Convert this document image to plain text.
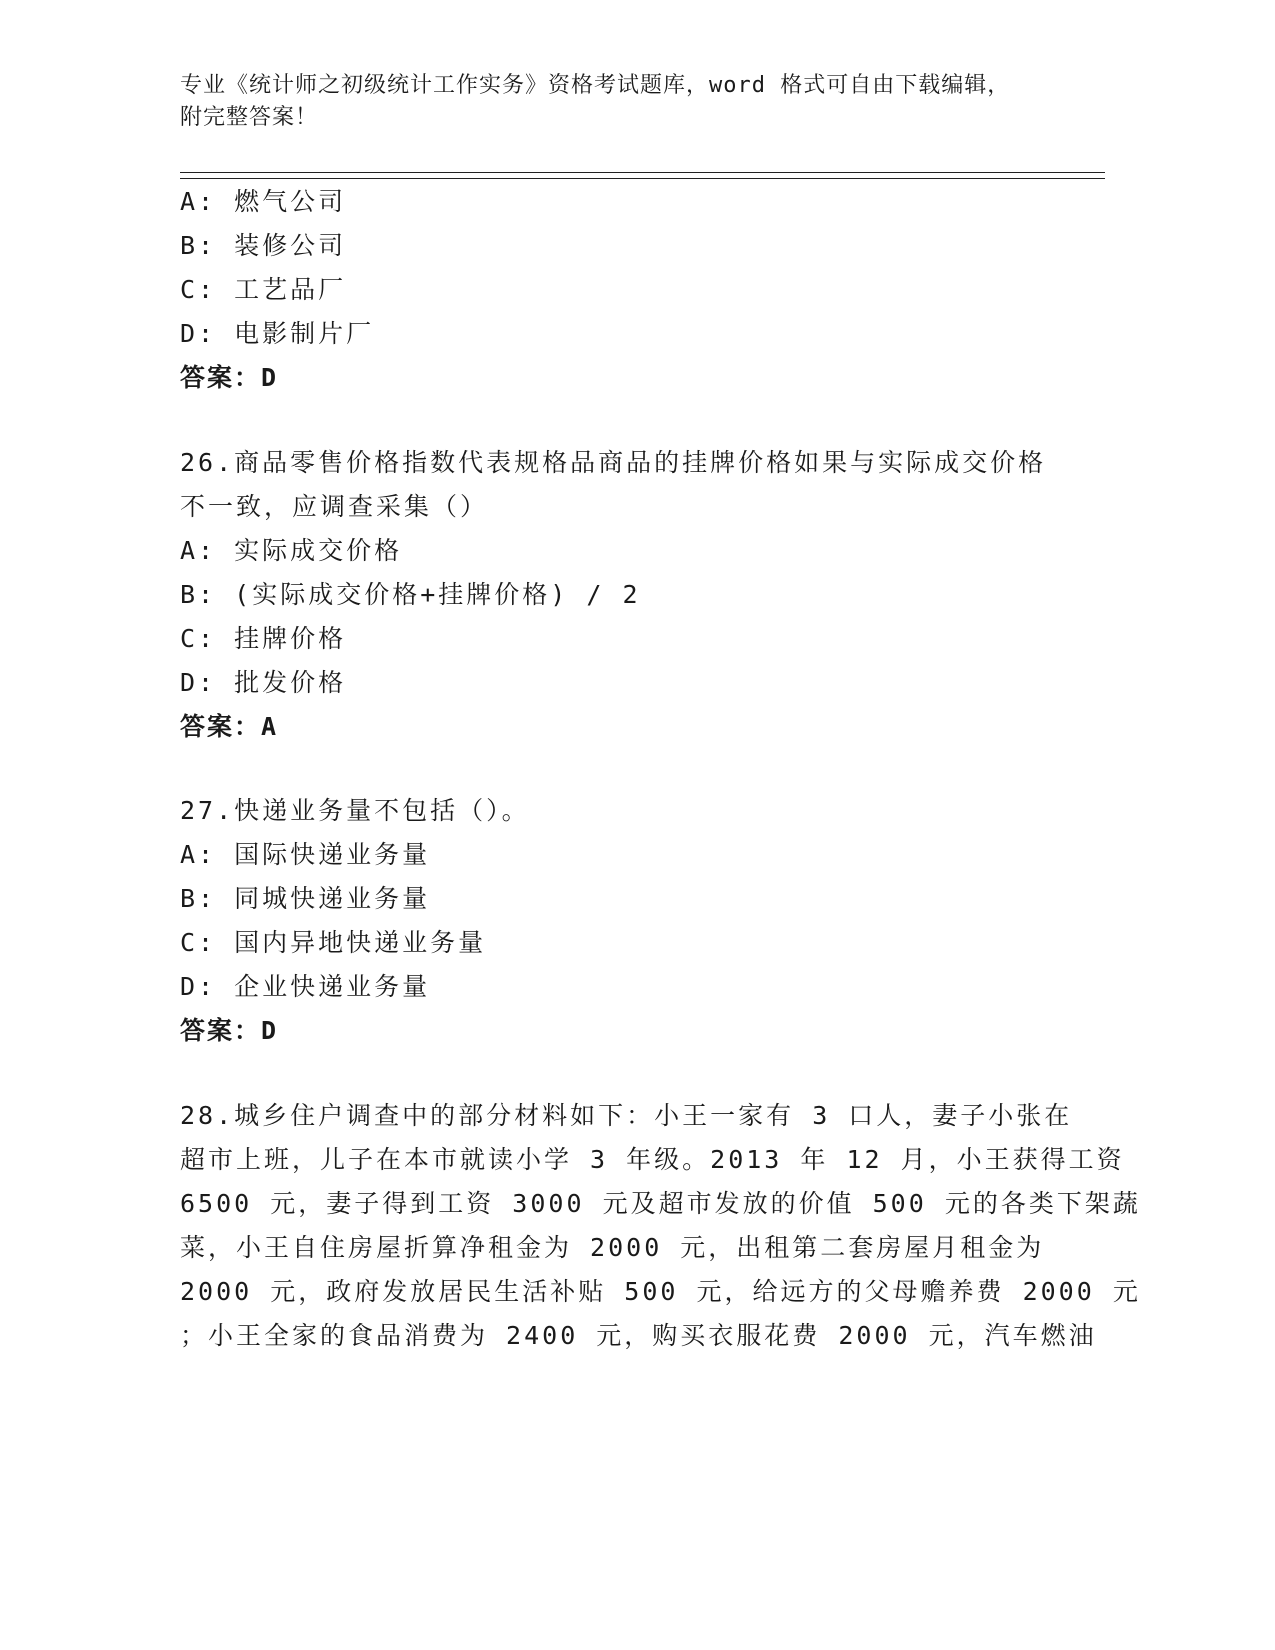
专业《统计师之初级统计工作实务》资格考试题库，word 格式可自由下载编辑，
附完整答案！
A: 燃气公司
B: 装修公司
C: 工艺品厂
D: 电影制片厂
答案：D
26.商品零售价格指数代表规格品商品的挂牌价格如果与实际成交价格
不一致，应调查采集（）
A: 实际成交价格
B: (实际成交价格+挂牌价格) / 2
C: 挂牌价格
D: 批发价格
答案：A
27.快递业务量不包括（）。
A: 国际快递业务量
B: 同城快递业务量
C: 国内异地快递业务量
D: 企业快递业务量
答案：D
28.城乡住户调查中的部分材料如下：小王一家有 3 口人，妻子小张在
超市上班，儿子在本市就读小学 3 年级。2013 年 12 月，小王获得工资
6500 元，妻子得到工资 3000 元及超市发放的价值 500 元的各类下架蔬
菜，小王自住房屋折算净租金为 2000 元，出租第二套房屋月租金为
2000 元，政府发放居民生活补贴 500 元，给远方的父母赡养费 2000 元
；小王全家的食品消费为 2400 元，购买衣服花费 2000 元，汽车燃油
